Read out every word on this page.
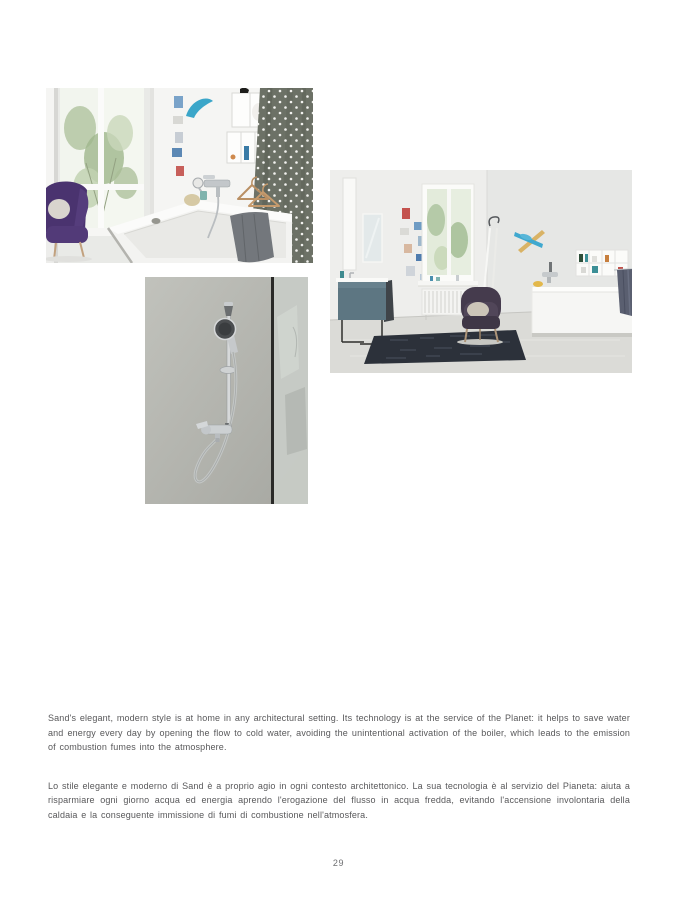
Sand's elegant, modern style is at home in any architectural setting. Its technology is at the service of the Planet: it helps to save water and energy every day by opening the flow to cold water, avoiding the unintentional activation of the boiler, which leads to the emission of combustion fumes into the atmosphere.

Lo stile elegante e moderno di Sand è a proprio agio in ogni contesto architettonico. La sua tecnologia è al servizio del Pianeta: aiuta a risparmiare ogni giorno acqua ed energia aprendo l'erogazione del flusso in acqua fredda, evitando l'accensione involontaria della caldaia e la conseguente immissione di fumi di combustione nell'atmosfera.

29
